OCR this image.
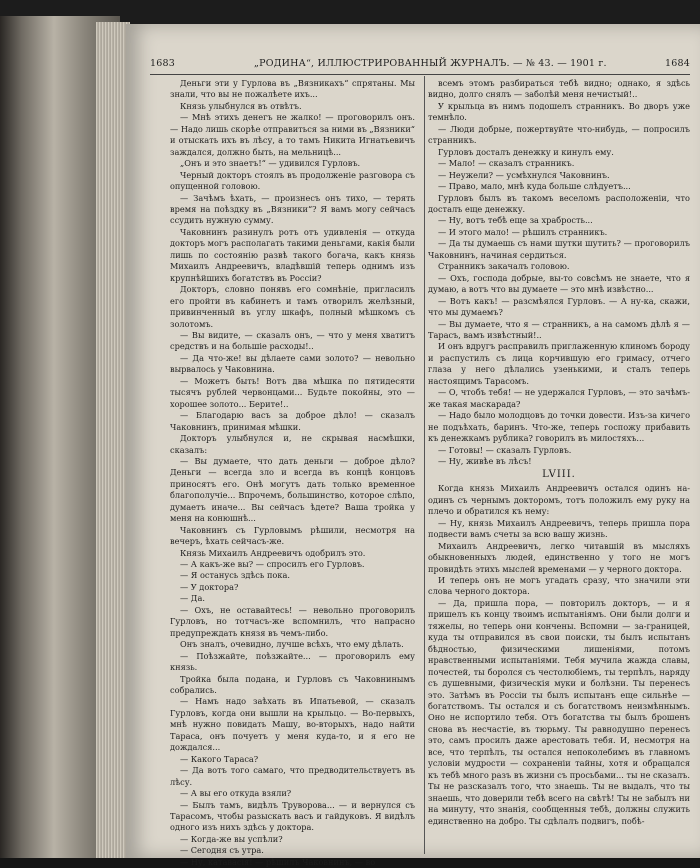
1683	„РОДИНА“, ИЛЛЮСТРИРОВАННЫЙ ЖУРНАЛЪ. — № 43. — 1901 г.	1684

Деньги эти у Гурлова въ „Вязникахъ“ спрятаны. Мы знали, что вы не пожалѣете ихъ...

Князь улыбнулся въ отвѣтъ.

— Мнѣ этихъ денегъ не жалко! — проговорилъ онъ. — Надо лишь скорѣе отправиться за ними въ „Вязники“ и отыскать ихъ въ лѣсу, а то тамъ Никита Игнатьевичъ заждался, должно быть, на мельницѣ...

„Онъ и это знаетъ!“ — удивился Гурловъ.

Черный докторъ стоялъ въ продолженіе разговора съ опущенной головою.

— Зачѣмъ ѣхать, — произнесъ онъ тихо, — терять время на поѣздку въ „Вязники“? Я вамъ могу сейчасъ ссудить нужную сумму.

Чаковнинъ разинулъ ротъ отъ удивленія — откуда докторъ могъ располагать такими деньгами, какія были лишь по состоянію развѣ такого богача, какъ князь Михаилъ Андреевичъ, владѣвшій теперь однимъ изъ крупнѣйшихъ богатствъ въ Россіи?

Докторъ, словно понявъ его сомнѣніе, пригласилъ его пройти въ кабинетъ и тамъ отворилъ желѣзный, привинченный въ углу шкафъ, полный мѣшкомъ съ золотомъ.

— Вы видите, — сказалъ онъ, — что у меня хватитъ средствъ и на большіе расходы!..

— Да что-же! вы дѣлаете сами золото? — невольно вырвалось у Чаковнина.

— Можетъ быть! Вотъ два мѣшка по пятидесяти тысячъ рублей червонцами... Будьте покойны, это — хорошее золото... Берите!..

— Благодарю васъ за доброе дѣло! — сказалъ Чаковнинъ, принимая мѣшки.

Докторъ улыбнулся и, не скрывая насмѣшки, сказалъ:

— Вы думаете, что дать деньги — доброе дѣло? Деньги — всегда зло и всегда въ концѣ концовъ приносятъ его. Онѣ могутъ дать только временное благополучіе... Впрочемъ, большинство, которое слѣпо, думаетъ иначе... Вы сейчасъ ѣдете? Ваша тройка у меня на конюшнѣ...

Чаковнинъ съ Гурловымъ рѣшили, несмотря на вечеръ, ѣхать сейчасъ-же.

Князь Михаилъ Андреевичъ одобрилъ это.

— А какъ-же вы? — спросилъ его Гурловъ.

— Я останусь здѣсь пока.

— У доктора?

— Да.

— Охъ, не оставайтесь! — невольно проговорилъ Гурловъ, но тотчасъ-же вспомнилъ, что напрасно предупреждать князя въ чемъ-либо.

Онъ зналъ, очевидно, лучше всѣхъ, что ему дѣлать.

— Поѣзжайте, поѣзжайте... — проговорилъ ему князь.

Тройка была подана, и Гурловъ съ Чаковнинымъ собрались.

— Намъ надо заѣхать въ Ипатьевой, — сказалъ Гурловъ, когда они вышли на крыльцо. — Во-первыхъ, мнѣ нужно повидать Машу, во-вторыхъ, надо найти Тараса, онъ почуетъ у меня куда-то, и я его не дождался...

— Какого Тараса?

— Да вотъ того самаго, что предводительствуетъ въ лѣсу.

— А вы его откуда взяли?

— Былъ тамъ, видѣлъ Труворова... — и вернулся съ Тарасомъ, чтобы разыскать васъ и гайдуковъ. Я видѣлъ одного изъ нихъ здѣсь у доктора.

— Когда-же вы успѣли?

— Сегодня съ утра.

— Ну, катавасія! — рѣшилъ Чаковнинъ, — во

всемъ этомъ разбираться тебѣ видно; однако, я здѣсь видно, долго снялъ — заболѣй меня нечистый!..

У крыльца въ нимъ подошелъ странникъ. Во дворъ уже темнѣло.

— Люди добрые, пожертвуйте что-нибудь, — попросилъ странникъ.

Гурловъ досталъ денежку и кинулъ ему.

— Мало! — сказалъ странникъ.

— Неужели? — усмѣхнулся Чаковнинъ.

— Право, мало, мнѣ куда больше слѣдуетъ...

Гурловъ былъ въ такомъ веселомъ расположеніи, что досталъ еще денежку.

— Ну, вотъ тебѣ еще за храбрость...

— И этого мало! — рѣшилъ странникъ.

— Да ты думаешь съ нами шутки шутить? — проговорилъ Чаковнинъ, начиная сердиться.

Странникъ закачалъ головою.

— Охъ, господа добрые, вы-то совсѣмъ не знаете, что я думаю, а вотъ что вы думаете — это мнѣ извѣстно...

— Вотъ какъ! — разсмѣялся Гурловъ. — А ну-ка, скажи, что мы думаемъ?

— Вы думаете, что я — странникъ, а на самомъ дѣлѣ я — Тарасъ, вамъ извѣстный!..

И онъ вдругъ расправилъ приглаженную клиномъ бороду и распустилъ съ лица корчившую его гримасу, отчего глаза у него дѣлались узенькими, и сталъ теперь настоящимъ Тарасомъ.

— О, чтобъ тебя! — не удержался Гурловъ, — это зачѣмъ-же такая маскарада?

— Надо было молодцовъ до точки довести. Изъ-за кичего не подъѣхать, баринъ. Что-же, теперь госпожу прибавить къ денежкамъ рублика? говорилъ въ милостяхъ...

— Готовы! — сказалъ Гурловъ.

— Ну, живѣе въ лѣсъ!

LVIII.

Когда князь Михаилъ Андреевичъ остался одинъ на-одинъ съ чернымъ докторомъ, тотъ положилъ ему руку на плечо и обратился къ нему:

— Ну, князь Михаилъ Андреевичъ, теперь пришла пора подвести вамъ счеты за всю вашу жизнь.

Михаилъ Андреевичъ, легко читавшій въ мысляхъ обыкновенныхъ людей, единственно у того не могъ провидѣть этихъ мыслей временами — у черного доктора.

И теперь онъ не могъ угадать сразу, что значили эти слова черного доктора.

— Да, пришла пора, — повторилъ докторъ, — и я пришелъ къ концу твоимъ испытаніямъ. Они были долги и тяжелы, но теперь они кончены. Вспомни — за-границей, куда ты отправился въ свои поиски, ты былъ испытанъ бѣдностью, физическими лишеніями, потомъ нравственными испытаніями. Тебя мучила жажда славы, почестей, ты боролся съ честолюбіемъ, ты терпѣлъ, наряду съ душевными, физическія муки и болѣзни. Ты перенесъ это. Затѣмъ въ Россіи ты былъ испытанъ еще сильнѣе — богатствомъ. Ты остался и съ богатствомъ неизмѣннымъ. Оно не испортило тебя. Отъ богатства ты былъ брошенъ снова въ несчастіе, въ тюрьму. Ты равнодушно перенесъ это, самъ просилъ даже арестовать тебя. И, несмотря на все, что терпѣлъ, ты остался непоколебимъ въ главномъ условіи мудрости — сохраненіи тайны, хотя и обращался къ тебѣ много разъ въ жизни съ просьбами... ты не сказалъ. Ты не разсказалъ того, что знаешь. Ты не выдалъ, что ты знаешь, что доверили тебѣ всего на свѣтѣ! Ты не забылъ ни на минуту, что знанія, сообщенныя тебѣ, должны служить единственно на добро. Ты сдѣлалъ подвигъ, побѣ-
